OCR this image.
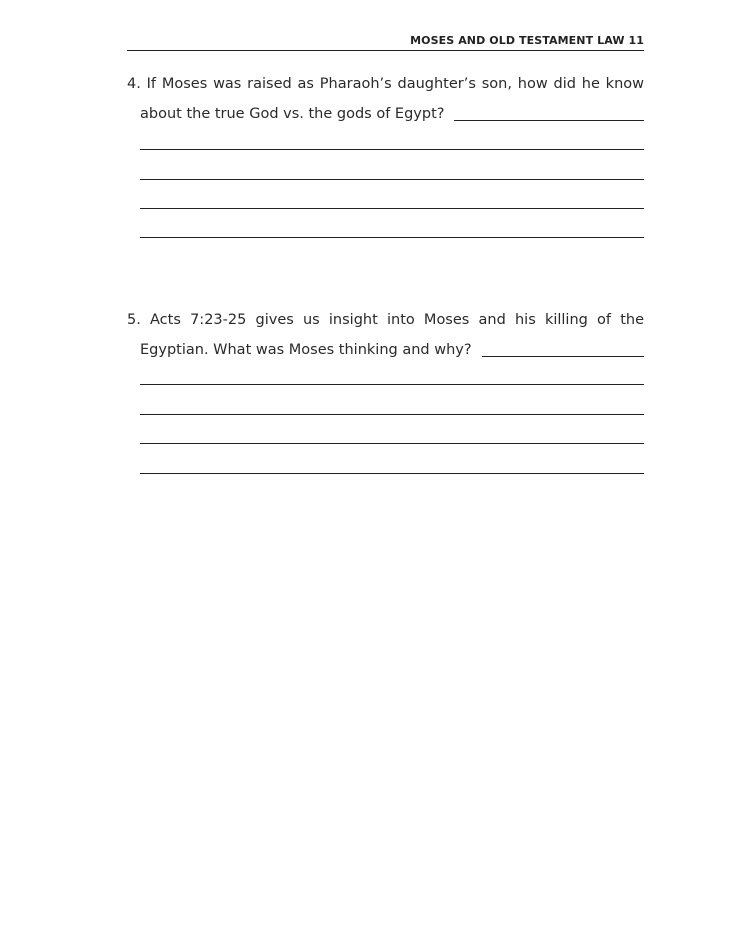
MOSES AND OLD TESTAMENT LAW 11
4. If Moses was raised as Pharaoh’s daughter’s son, how did he know
about the true God vs. the gods of Egypt?
5. Acts 7:23-25 gives us insight into Moses and his killing of the
Egyptian. What was Moses thinking and why?
